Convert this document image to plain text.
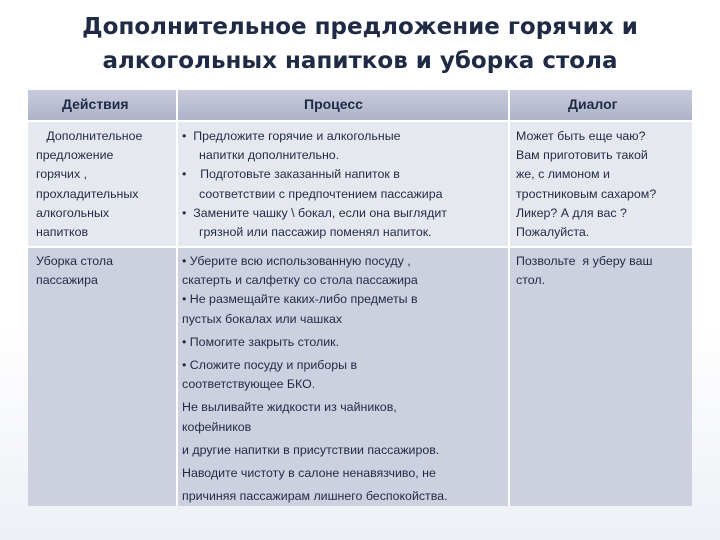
Дополнительное предложение горячих и
алкогольных напитков и уборка стола
Действия	Процесс	Диалог

Дополнительное

предложение

горячих ,

прохладительных

алкогольных

напитков

•  Предложите горячие и алкогольные

напитки дополнительно.

•    Подготовьте заказанный напиток в

соответствии с предпочтением пассажира

•  Замените чашку \ бокал, если она выглядит

грязной или пассажир поменял напиток.

Может быть еще чаю?

Вам приготовить такой

же, с лимоном и

тростниковым сахаром?

Ликер? А для вас ?

Пожалуйста.

Уборка стола

пассажира

• Уберите всю использованную посуду ,

скатерть и салфетку со стола пассажира

• Не размещайте каких-либо предметы в

пустых бокалах или чашках

• Помогите закрыть столик.

• Сложите посуду и приборы в

соответствующее БКО.

Не выливайте жидкости из чайников,

кофейников

и другие напитки в присутствии пассажиров.

Наводите чистоту в салоне ненавязчиво, не

причиняя пассажирам лишнего беспокойства.

Позвольте  я уберу ваш

стол.
